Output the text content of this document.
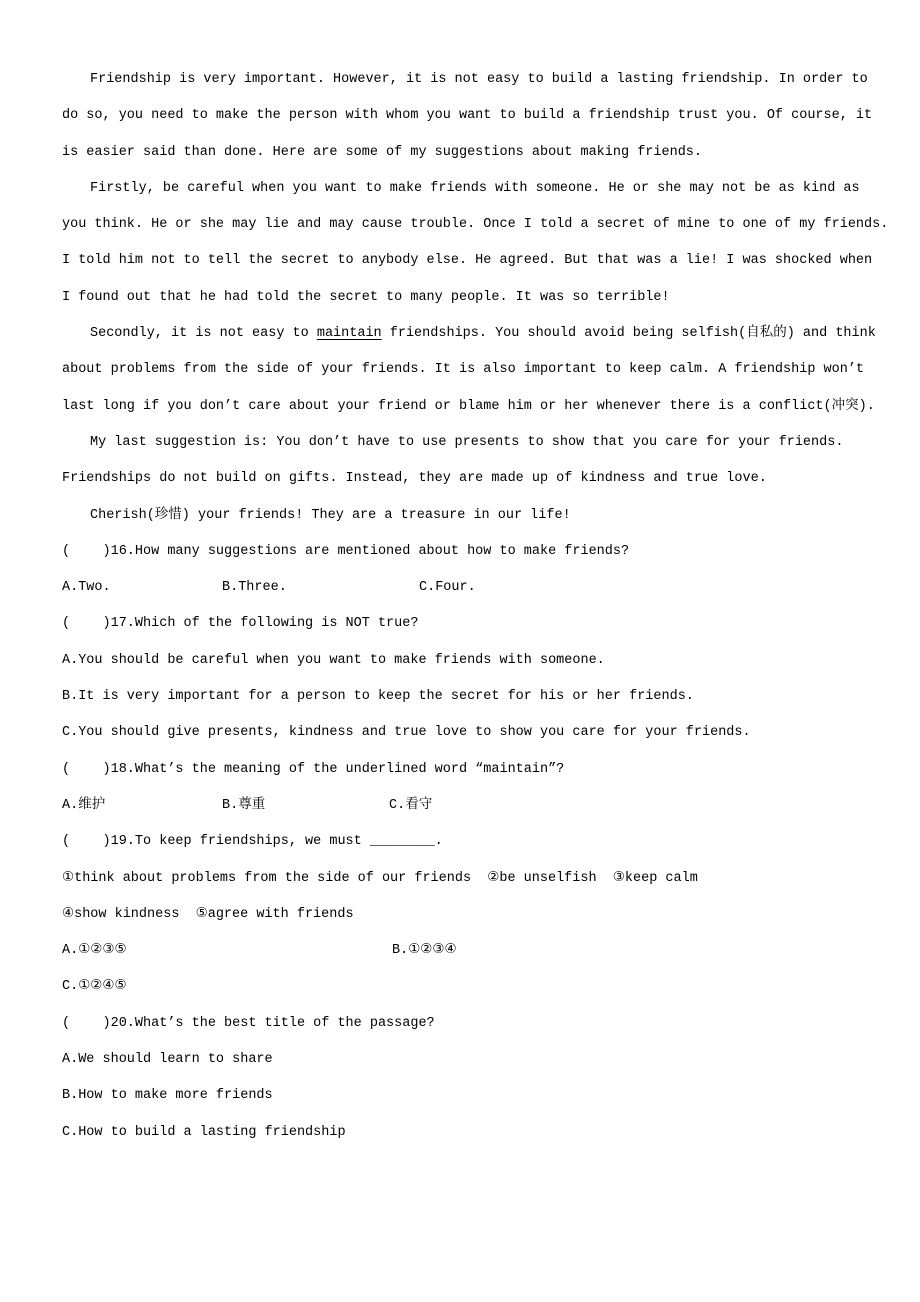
Friendship is very important. However, it is not easy to build a lasting friendship. In order to
do so, you need to make the person with whom you want to build a friendship trust you. Of course, it
is easier said than done. Here are some of my suggestions about making friends.
Firstly, be careful when you want to make friends with someone. He or she may not be as kind as
you think. He or she may lie and may cause trouble. Once I told a secret of mine to one of my friends.
I told him not to tell the secret to anybody else. He agreed. But that was a lie! I was shocked when
I found out that he had told the secret to many people. It was so terrible!
Secondly, it is not easy to maintain friendships. You should avoid being selfish(自私的) and think
about problems from the side of your friends. It is also important to keep calm. A friendship won’t
last long if you don’t care about your friend or blame him or her whenever there is a conflict(冲突).
My last suggestion is: You don’t have to use presents to show that you care for your friends.
Friendships do not build on gifts. Instead, they are made up of kindness and true love.
Cherish(珍惜) your friends! They are a treasure in our life!
(    )16.How many suggestions are mentioned about how to make friends?
A.Two.	B.Three.	C.Four.
(    )17.Which of the following is NOT true?
A.You should be careful when you want to make friends with someone.
B.It is very important for a person to keep the secret for his or her friends.
C.You should give presents, kindness and true love to show you care for your friends.
(    )18.What’s the meaning of the underlined word “maintain”?
A.维护	B.尊重	C.看守
(    )19.To keep friendships, we must ________.
①think about problems from the side of our friends  ②be unselfish  ③keep calm
④show kindness  ⑤agree with friends
A.①②③⑤	B.①②③④
C.①②④⑤
(    )20.What’s the best title of the passage?
A.We should learn to share
B.How to make more friends
C.How to build a lasting friendship
